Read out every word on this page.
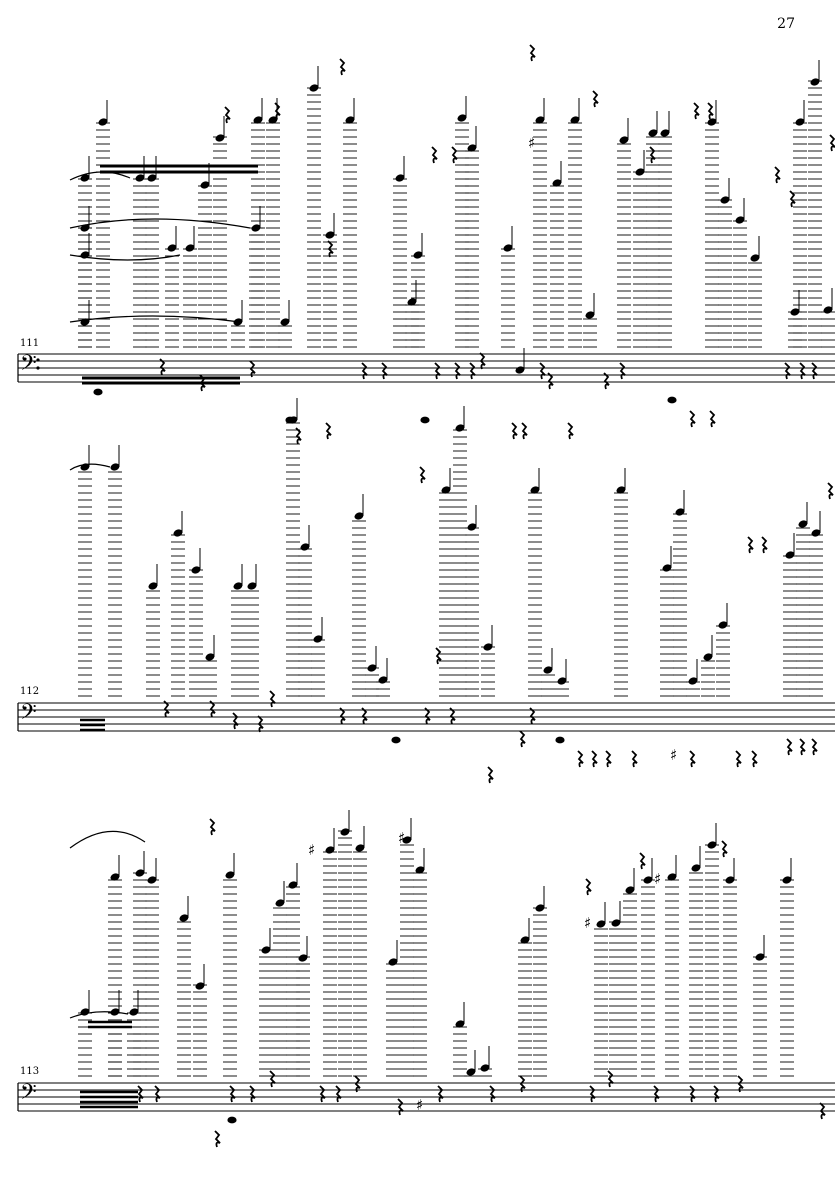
27
111
112
113
𝄢
𝄢
𝄢
♯
♯
♯
♯
♯
♯
♯
